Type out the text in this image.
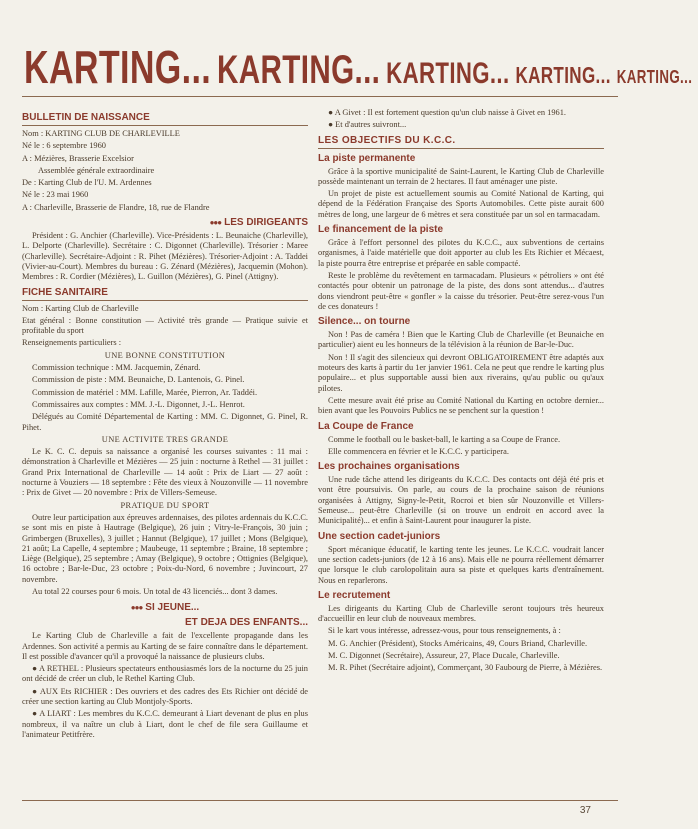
KARTING... KARTING... KARTING... KARTING... KARTING...
BULLETIN DE NAISSANCE

Nom : KARTING CLUB DE CHARLEVILLE

Né le : 6 septembre 1960

A : Mézières, Brasserie Excelsior

Assemblée générale extraordinaire

De : Karting Club de l'U. M. Ardennes

Né le : 23 mai 1960

A : Charleville, Brasserie de Flandre, 18, rue de Flandre

●●● LES DIRIGEANTS

Président : G. Anchier (Charleville). Vice-Présidents : L. Beunaiche (Charleville), L. Delporte (Charleville). Secrétaire : C. Digonnet (Charleville). Trésorier : Maree (Charleville). Secrétaire-Adjoint : R. Pihet (Mézières). Trésorier-Adjoint : A. Taddei (Vivier-au-Court). Membres du bureau : G. Zénard (Mézières), Jacquemin (Mohon). Membres : R. Cordier (Mézières), L. Guillon (Mézières), G. Pinel (Attigny).

FICHE SANITAIRE

Nom : Karting Club de Charleville

Etat général : Bonne constitution — Activité très grande — Pratique suivie et profitable du sport

Renseignements particuliers :

UNE BONNE CONSTITUTION

Commission technique : MM. Jacquemin, Zénard.

Commission de piste : MM. Beunaiche, D. Lantenois, G. Pinel.

Commission de matériel : MM. Lafille, Marée, Pierron, Ar. Taddéi.

Commissaires aux comptes : MM. J.-L. Digonnet, J.-L. Henrot.

Délégués au Comité Départemental de Karting : MM. C. Digonnet, G. Pinel, R. Pihet.

UNE ACTIVITE TRES GRANDE

Le K. C. C. depuis sa naissance a organisé les courses suivantes : 11 mai : démonstration à Charleville et Mézières — 25 juin : nocturne à Rethel — 31 juillet : Grand Prix International de Charleville — 14 août : Prix de Liart — 27 août : nocturne à Vouziers — 18 septembre : Fête des vieux à Nouzonville — 11 novembre : Prix de Givet — 20 novembre : Prix de Villers-Semeuse.

PRATIQUE DU SPORT

Outre leur participation aux épreuves ardennaises, des pilotes ardennais du K.C.C. se sont mis en piste à Hautrage (Belgique), 26 juin ; Vitry-le-François, 30 juin ; Grimbergen (Bruxelles), 3 juillet ; Hannut (Belgique), 17 juillet ; Mons (Belgique), 21 août; La Capelle, 4 septembre ; Maubeuge, 11 septembre ; Braine, 18 septembre ; Liège (Belgique), 25 septembre ; Amay (Belgique), 9 octobre ; Ottignies (Belgique), 16 octobre ; Bar-le-Duc, 23 octobre ; Poix-du-Nord, 6 novembre ; Juvincourt, 27 novembre.

Au total 22 courses pour 6 mois. Un total de 43 licenciés... dont 3 dames.

●●● SI JEUNE...
ET DEJA DES ENFANTS...

Le Karting Club de Charleville a fait de l'excellente propagande dans les Ardennes. Son activité a permis au Karting de se faire connaître dans le département. Il est possible d'avancer qu'il a provoqué la naissance de plusieurs clubs.

● A RETHEL : Plusieurs spectateurs enthousiasmés lors de la nocturne du 25 juin ont décidé de créer un club, le Rethel Karting Club.

● AUX Ets RICHIER : Des ouvriers et des cadres des Ets Richier ont décidé de créer une section karting au Club Montjoly-Sports.

● A LIART : Les membres du K.C.C. demeurant à Liart devenant de plus en plus nombreux, il va naître un club à Liart, dont le chef de file sera Guillaume et l'animateur Petitfrère.

● A Givet : Il est fortement question qu'un club naisse à Givet en 1961.

● Et d'autres suivront...

LES OBJECTIFS DU K.C.C.
La piste permanente

Grâce à la sportive municipalité de Saint-Laurent, le Karting Club de Charleville possède maintenant un terrain de 2 hectares. Il faut aménager une piste.

Un projet de piste est actuellement soumis au Comité National de Karting, qui dépend de la Fédération Française des Sports Automobiles. Cette piste aurait 600 mètres de long, une largeur de 6 mètres et sera constituée par un sol en tarmacadam.

Le financement de la piste

Grâce à l'effort personnel des pilotes du K.C.C., aux subventions de certains organismes, à l'aide matérielle que doit apporter au club les Ets Richier et Mécaest, la piste pourra être entreprise et préparée en sable compacté.

Reste le problème du revêtement en tarmacadam. Plusieurs « pétroliers » ont été contactés pour obtenir un patronage de la piste, des dons sont attendus... d'autres dons viendront peut-être « gonfler » la caisse du trésorier. Peut-être serez-vous l'un de ces donateurs !

Silence... on tourne

Non ! Pas de caméra ! Bien que le Karting Club de Charleville (et Beunaiche en particulier) aient eu les honneurs de la télévision à la réunion de Bar-le-Duc.

Non ! Il s'agit des silencieux qui devront OBLIGATOIREMENT être adaptés aux moteurs des karts à partir du 1er janvier 1961. Cela ne peut que rendre le karting plus populaire... et plus supportable aussi bien aux riverains, qu'au public ou qu'aux pilotes.

Cette mesure avait été prise au Comité National du Karting en octobre dernier... bien avant que les Pouvoirs Publics ne se penchent sur la question !

La Coupe de France

Comme le football ou le basket-ball, le karting a sa Coupe de France.

Elle commencera en février et le K.C.C. y participera.

Les prochaines organisations

Une rude tâche attend les dirigeants du K.C.C. Des contacts ont déjà été pris et vont être poursuivis. On parle, au cours de la prochaine saison de réunions organisées à Attigny, Signy-le-Petit, Rocroi et bien sûr Nouzonville et Villers-Semeuse... peut-être Charleville (si on trouve un endroit en accord avec la Municipalité)... et enfin à Saint-Laurent pour inaugurer la piste.

Une section cadet-juniors

Sport mécanique éducatif, le karting tente les jeunes. Le K.C.C. voudrait lancer une section cadets-juniors (de 12 à 16 ans). Mais elle ne pourra réellement démarrer que lorsque le club carolopolitain aura sa piste et quelques karts d'entraînement. Nous en reparlerons.

Le recrutement

Les dirigeants du Karting Club de Charleville seront toujours très heureux d'accueillir en leur club de nouveaux membres.

Si le kart vous intéresse, adressez-vous, pour tous renseignements, à :

M. G. Anchier (Président), Stocks Américains, 49, Cours Briand, Charleville.

M. C. Digonnet (Secrétaire), Assureur, 27, Place Ducale, Charleville.

M. R. Pihet (Secrétaire adjoint), Commerçant, 30 Faubourg de Pierre, à Mézières.

37
